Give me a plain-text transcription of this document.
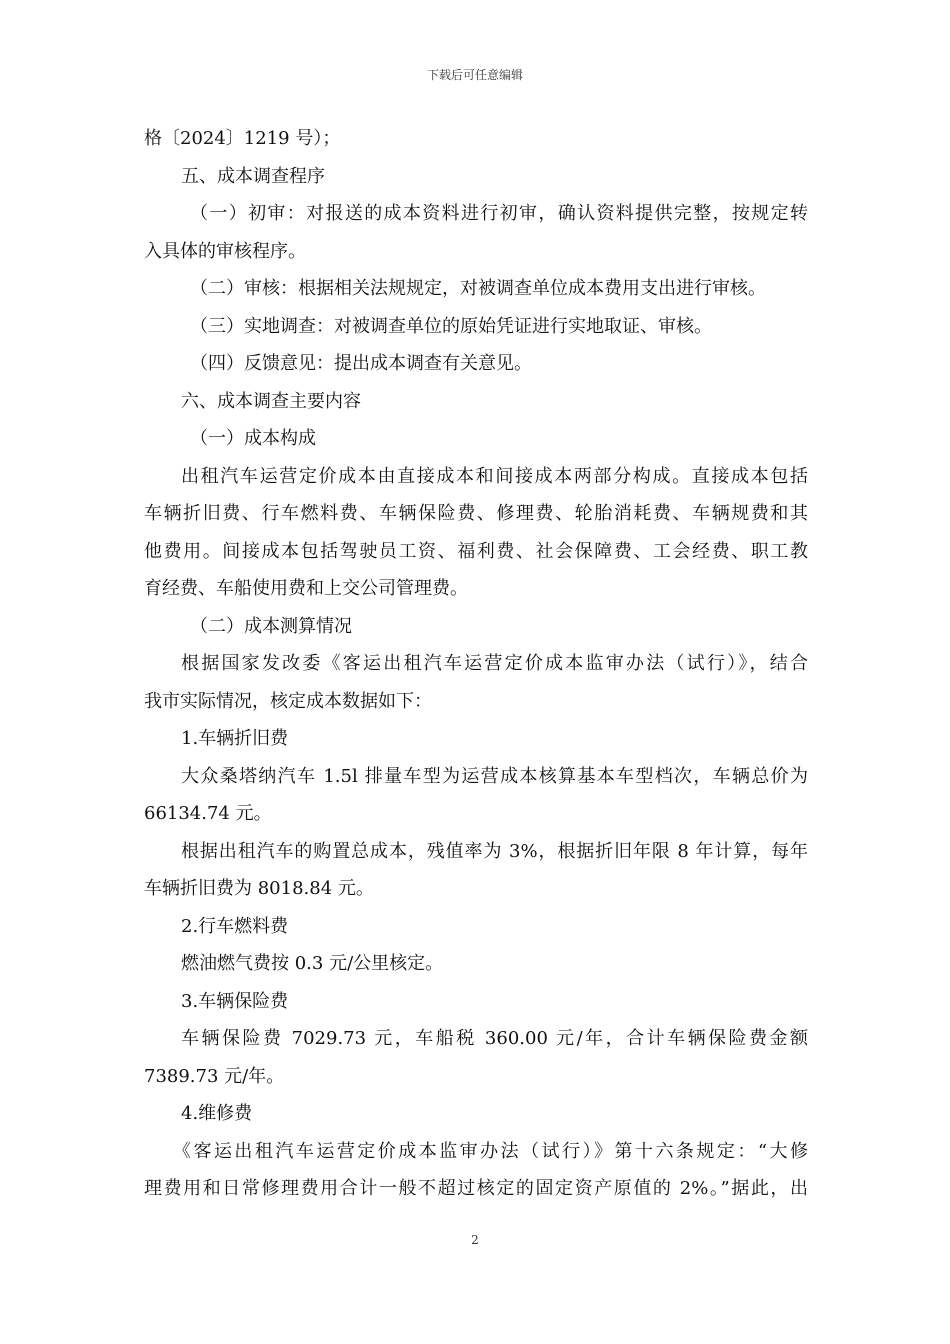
下载后可任意编辑
格〔2024〕1219 号）；
五、成本调查程序
（一）初审：对报送的成本资料进行初审，确认资料提供完整，按规定转
入具体的审核程序。
（二）审核：根据相关法规规定，对被调查单位成本费用支出进行审核。
（三）实地调查：对被调查单位的原始凭证进行实地取证、审核。
（四）反馈意见：提出成本调查有关意见。
六、成本调查主要内容
（一）成本构成
出租汽车运营定价成本由直接成本和间接成本两部分构成。直接成本包括
车辆折旧费、行车燃料费、车辆保险费、修理费、轮胎消耗费、车辆规费和其
他费用。间接成本包括驾驶员工资、福利费、社会保障费、工会经费、职工教
育经费、车船使用费和上交公司管理费。
（二）成本测算情况
根据国家发改委《客运出租汽车运营定价成本监审办法（试行）》，结合
我市实际情况，核定成本数据如下：
1.车辆折旧费
大众桑塔纳汽车 1.5l 排量车型为运营成本核算基本车型档次，车辆总价为
66134.74 元。
根据出租汽车的购置总成本，残值率为 3%，根据折旧年限 8 年计算，每年
车辆折旧费为 8018.84 元。
2.行车燃料费
燃油燃气费按 0.3 元/公里核定。
3.车辆保险费
车辆保险费 7029.73 元，车船税 360.00 元/年，合计车辆保险费金额
7389.73 元/年。
4.维修费
《客运出租汽车运营定价成本监审办法（试行）》第十六条规定：“大修
理费用和日常修理费用合计一般不超过核定的固定资产原值的 2%。”据此，出
2
